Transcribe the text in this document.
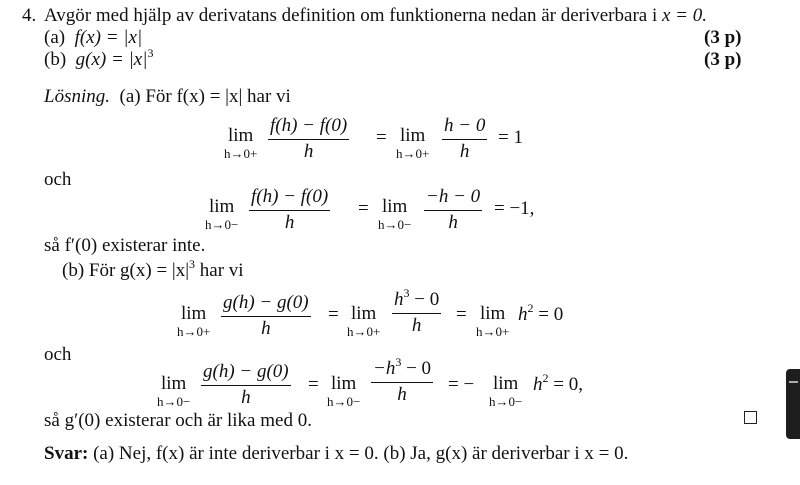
4. Avgör med hjälp av derivatans definition om funktionerna nedan är deriverbara i x = 0.
(a) f(x) = |x|	(3 p)
(b) $g(x) = |x|^3$	(3 p)
Lösning. (a) För f(x) = |x| har vi
lim
h→0+
f(h) − f(0)
h
= lim
h→0+
h − 0
h
= 1
och
lim
h→0−
f(h) − f(0)
h
= lim
h→0−
−h − 0
h
= −1,
så f′(0) existerar inte.
(b) För $g(x) = |x|^3$ har vi
lim
h→0+
g(h) − g(0)
h
= lim
h→0+
$h^3 - 0$
h
= lim
h→0+
$h^2 = 0$
och
lim
h→0−
g(h) − g(0)
h
= lim
h→0−
$-h^3 - 0$
h	= − lim
h→0−
$h^2 = 0$,
så g′(0) existerar och är lika med 0.
Svar: (a) Nej, f(x) är inte deriverbar i x = 0. (b) Ja, g(x) är deriverbar i x = 0.
